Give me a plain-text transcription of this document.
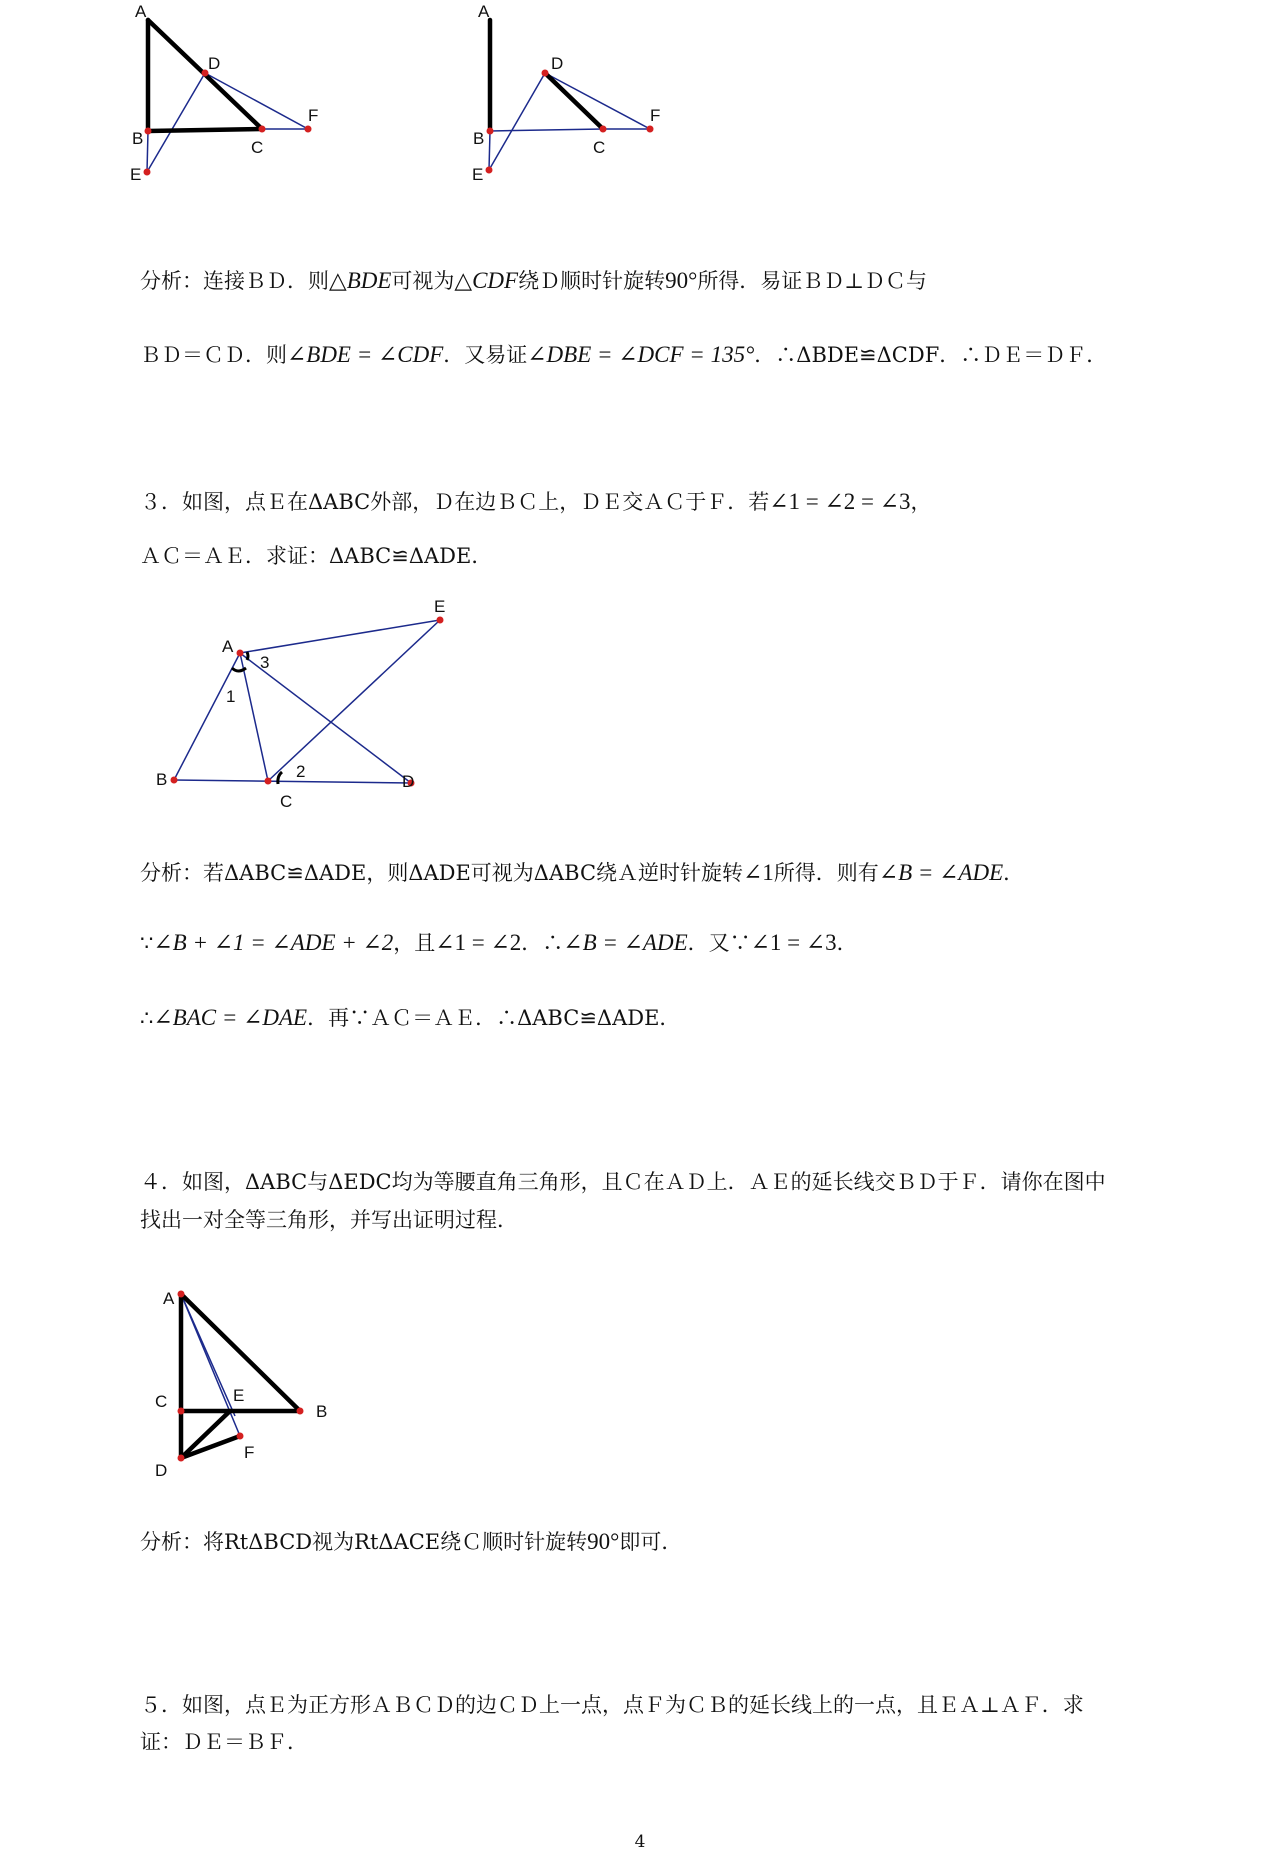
A
D
F
B	C
E
A
D
F
B	C
E
分析：连接ＢＤ．则△BDE可视为△CDF绕Ｄ顺时针旋转90°所得．易证ＢＤ⊥ＤＣ与
ＢＤ＝ＣＤ．则∠BDE = ∠CDF．又易证∠DBE = ∠DCF = 135°．∴ΔBDE≌ΔCDF．∴ＤＥ＝ＤＦ．
３．如图，点Ｅ在ΔABC外部，Ｄ在边ＢＣ上，ＤＥ交ＡＣ于Ｆ．若∠1 = ∠2 = ∠3，
ＡＣ＝ＡＥ．求证：ΔABC≌ΔADE．
E
A
3
1
B	2
D
C
分析：若ΔABC≌ΔADE，则ΔADE可视为ΔABC绕Ａ逆时针旋转∠1所得．则有∠B = ∠ADE．
∵∠B + ∠1 = ∠ADE + ∠2，且∠1 = ∠2．∴∠B = ∠ADE．又∵∠1 = ∠3．
∴∠BAC = ∠DAE．再∵ＡＣ＝ＡＥ．∴ΔABC≌ΔADE．
４．如图，ΔABC与ΔEDC均为等腰直角三角形，且Ｃ在ＡＤ上．ＡＥ的延长线交ＢＤ于Ｆ．请你在图中
找出一对全等三角形，并写出证明过程．
A
C	E
B
F
D
分析：将RtΔBCD视为RtΔACE绕Ｃ顺时针旋转90°即可．
５．如图，点Ｅ为正方形ＡＢＣＤ的边ＣＤ上一点，点Ｆ为ＣＢ的延长线上的一点，且ＥＡ⊥ＡＦ．求
证：ＤＥ＝ＢＦ．
4
